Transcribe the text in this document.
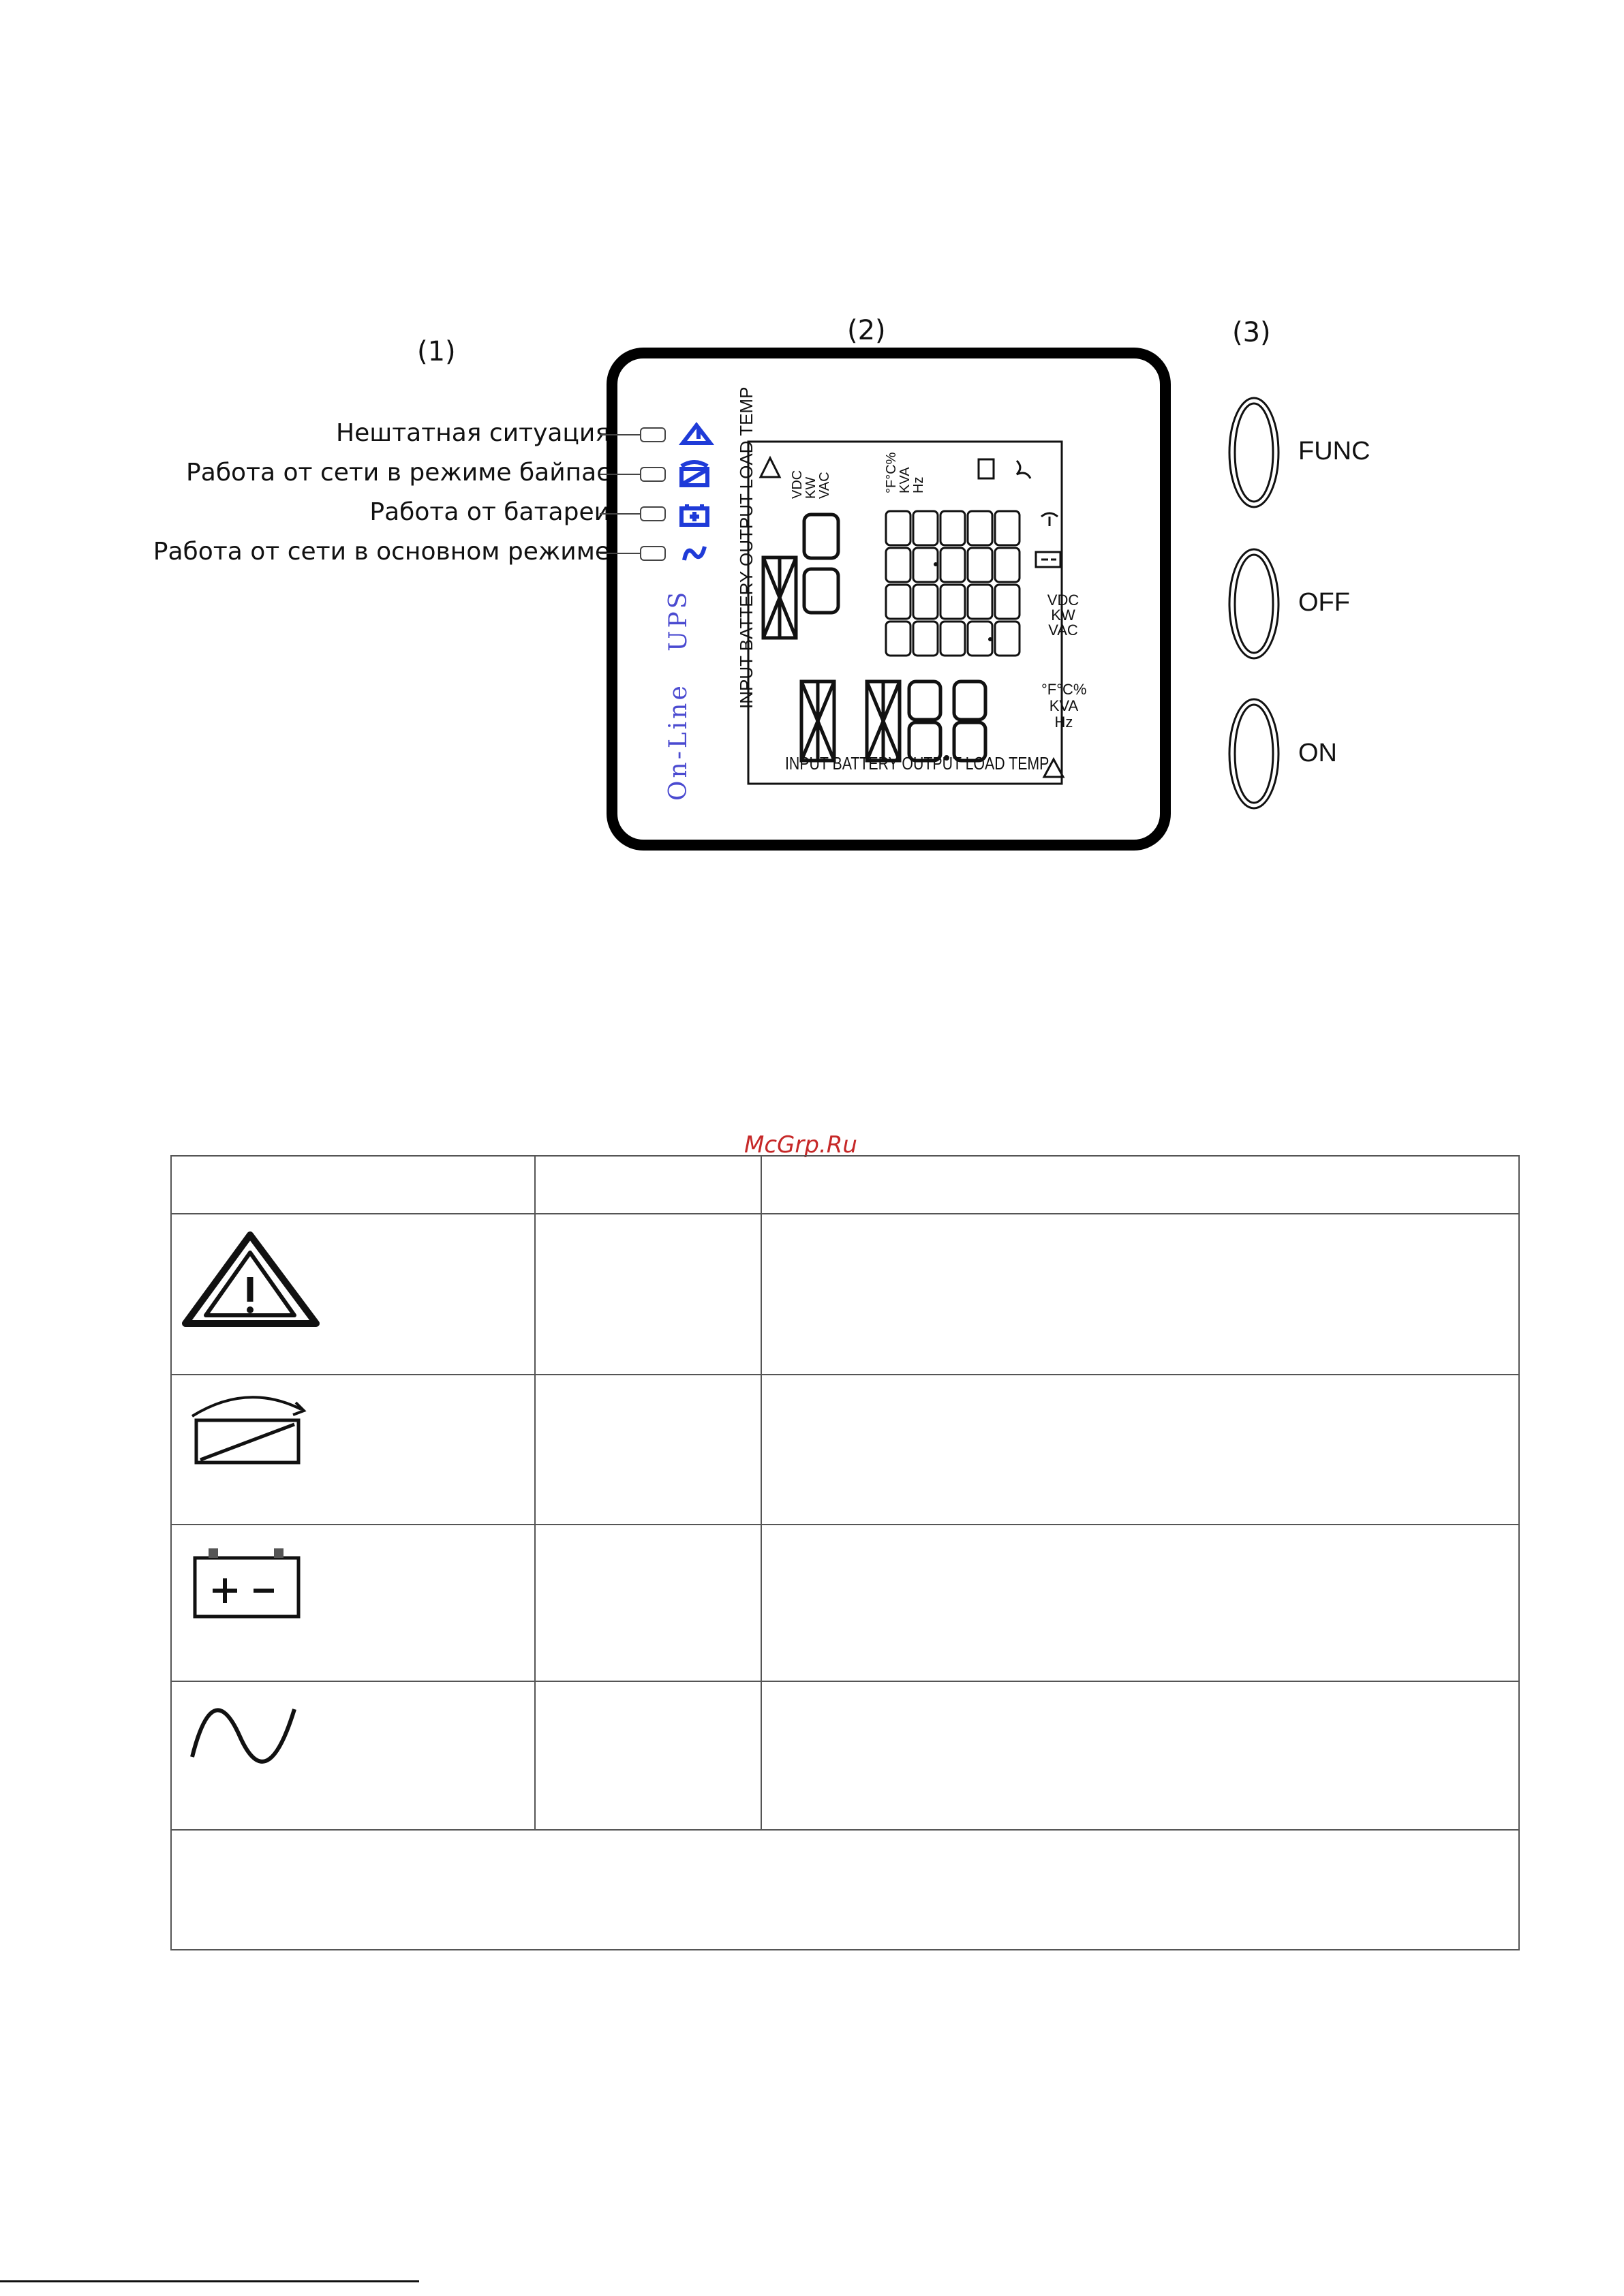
(1)
(2)	(3)
Нештатная ситуация
Работа от сети в режиме байпас
Работа от батареи
Работа от сети в основном режиме	INPUT BATTERY OUTPUT LOAD TEMP
INPUT BATTERY OUTPUT LOAD TEMP
VDC
KW
VAC	°F°C%
KVA
Hz
VDC
KW
VAC
°F°C%
KVA
Hz
On-Line   UPS
FUNC
OFF
ON
McGrp.Ru
